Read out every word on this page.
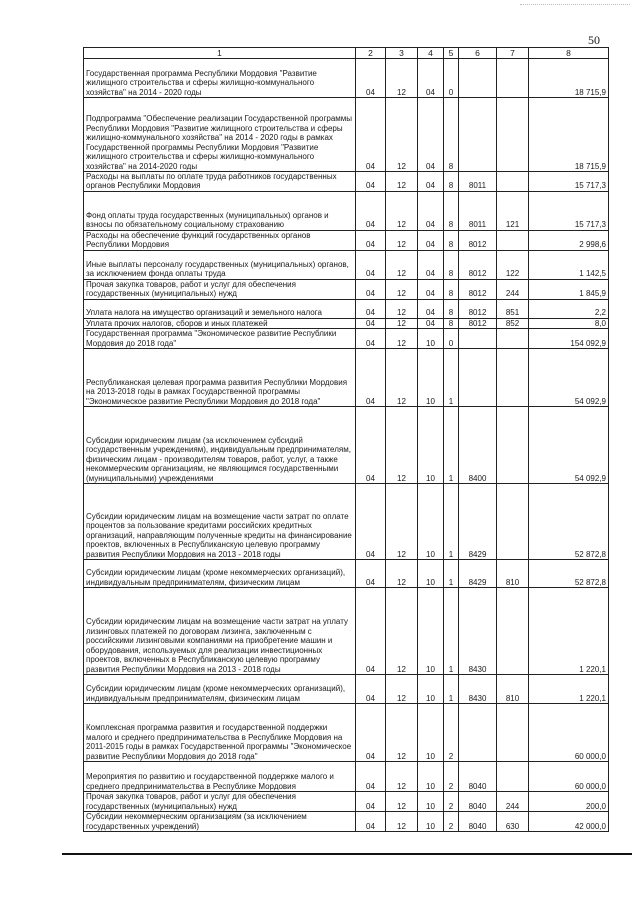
50
1	2	3	4	5	6	7	8
Государственная программа Республики Мордовия "Развитие жилищного строительства и сферы жилищно-коммунального хозяйства" на 2014 - 2020 годы	04	12	04	0			18 715,9
Подпрограмма "Обеспечение реализации Государственной программы Республики Мордовия "Развитие жилищного строительства и сферы жилищно-коммунального хозяйства" на 2014 - 2020 годы в рамках Государственной программы Республики Мордовия "Развитие жилищного строительства и сферы жилищно-коммунального хозяйства" на 2014-2020 годы	04	12	04	8			18 715,9
Расходы на выплаты по оплате труда работников государственных органов Республики Мордовия	04	12	04	8	8011		15 717,3
Фонд оплаты труда государственных (муниципальных) органов и взносы по обязательному социальному страхованию	04	12	04	8	8011	121	15 717,3
Расходы на обеспечение функций государственных органов Республики Мордовия	04	12	04	8	8012		2 998,6
Иные выплаты персоналу государственных (муниципальных) органов, за исключением фонда оплаты труда	04	12	04	8	8012	122	1 142,5
Прочая закупка товаров, работ и услуг для обеспечения государственных (муниципальных) нужд	04	12	04	8	8012	244	1 845,9
Уплата налога на имущество организаций и земельного налога	04	12	04	8	8012	851	2,2
Уплата прочих налогов, сборов и иных платежей	04	12	04	8	8012	852	8,0
Государственная программа "Экономическое развитие Республики Мордовия до 2018 года"	04	12	10	0			154 092,9
Республиканская целевая программа развития Республики Мордовия на 2013-2018 годы в рамках Государственной программы "Экономическое развитие Республики Мордовия до 2018 года"	04	12	10	1			54 092,9
Субсидии юридическим лицам (за исключением субсидий государственным учреждениям), индивидуальным предпринимателям, физическим лицам - производителям товаров, работ, услуг, а также некоммерческим организациям, не являющимся государственными (муниципальными) учреждениями	04	12	10	1	8400		54 092,9
Субсидии юридическим лицам на возмещение части затрат по оплате процентов за пользование кредитами российских кредитных организаций, направляющим полученные кредиты на финансирование проектов, включенных в Республиканскую целевую программу развития Республики Мордовия на 2013 - 2018 годы	04	12	10	1	8429		52 872,8
Субсидии юридическим лицам (кроме некоммерческих организаций), индивидуальным предпринимателям, физическим лицам	04	12	10	1	8429	810	52 872,8
Субсидии юридическим лицам на возмещение части затрат на уплату лизинговых платежей по договорам лизинга, заключенным с российскими лизинговыми компаниями на приобретение машин и оборудования, используемых для реализации инвестиционных проектов, включенных в Республиканскую целевую программу развития Республики Мордовия на 2013 - 2018 годы	04	12	10	1	8430		1 220,1
Субсидии юридическим лицам (кроме некоммерческих организаций), индивидуальным предпринимателям, физическим лицам	04	12	10	1	8430	810	1 220,1
Комплексная программа развития и государственной поддержки малого и среднего предпринимательства в Республике Мордовия на 2011-2015 годы в рамках Государственной программы "Экономическое развитие Республики Мордовия до 2018 года"	04	12	10	2			60 000,0
Мероприятия по развитию и государственной поддержке малого и среднего предпринимательства в Республике Мордовия	04	12	10	2	8040		60 000,0
Прочая закупка товаров, работ и услуг для обеспечения государственных (муниципальных) нужд	04	12	10	2	8040	244	200,0
Субсидии некоммерческим организациям (за исключением государственных учреждений)	04	12	10	2	8040	630	42 000,0
